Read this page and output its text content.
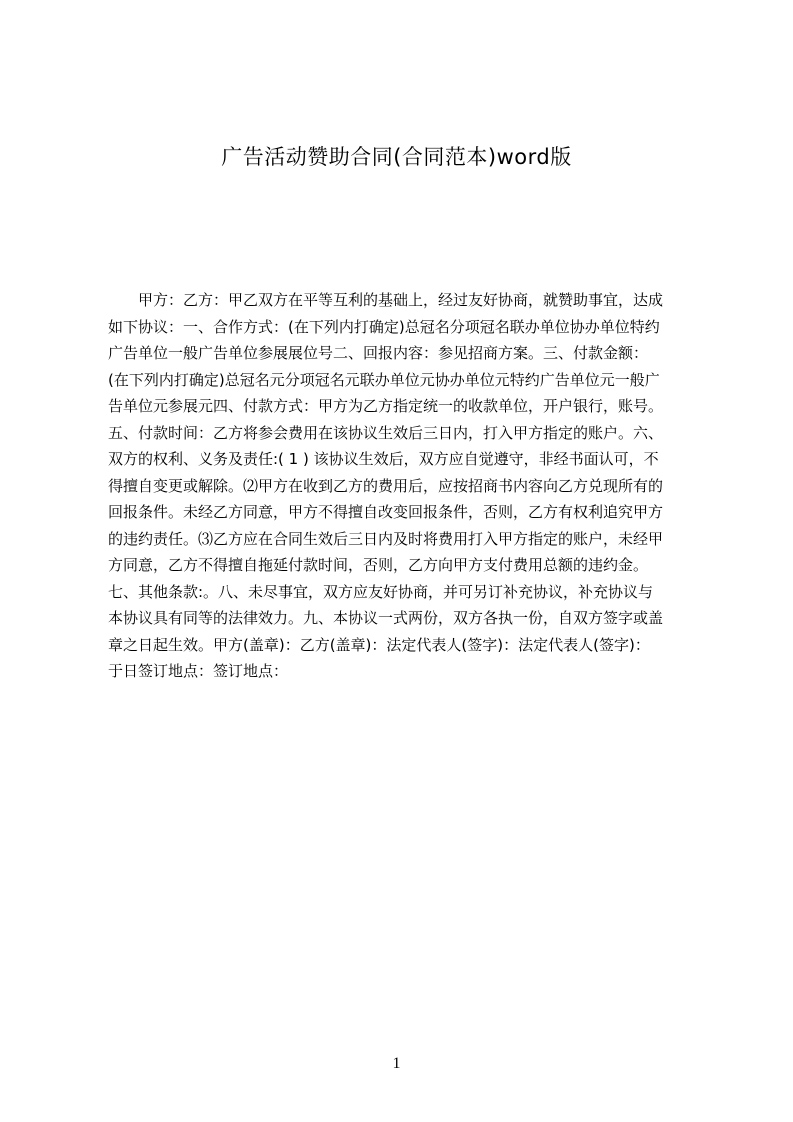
广告活动赞助合同(合同范本)word版
甲方：乙方：甲乙双方在平等互利的基础上，经过友好协商，就赞助事宜，达成
如下协议：一、合作方式：(在下列内打确定)总冠名分项冠名联办单位协办单位特约
广告单位一般广告单位参展展位号二、回报内容：参见招商方案。三、付款金额：
(在下列内打确定)总冠名元分项冠名元联办单位元协办单位元特约广告单位元一般广
告单位元参展元四、付款方式：甲方为乙方指定统一的收款单位，开户银行，账号。
五、付款时间：乙方将参会费用在该协议生效后三日内，打入甲方指定的账户。六、
双方的权利、义务及责任:( 1 ) 该协议生效后，双方应自觉遵守，非经书面认可，不
得擅自变更或解除。⑵甲方在收到乙方的费用后，应按招商书内容向乙方兑现所有的
回报条件。未经乙方同意，甲方不得擅自改变回报条件，否则，乙方有权利追究甲方
的违约责任。⑶乙方应在合同生效后三日内及时将费用打入甲方指定的账户，未经甲
方同意，乙方不得擅自拖延付款时间，否则，乙方向甲方支付费用总额的违约金。
七、其他条款:。八、未尽事宜，双方应友好协商，并可另订补充协议，补充协议与
本协议具有同等的法律效力。九、本协议一式两份，双方各执一份，自双方签字或盖
章之日起生效。甲方(盖章)：乙方(盖章)：法定代表人(签字)：法定代表人(签字)：
于日签订地点：签订地点：
1
